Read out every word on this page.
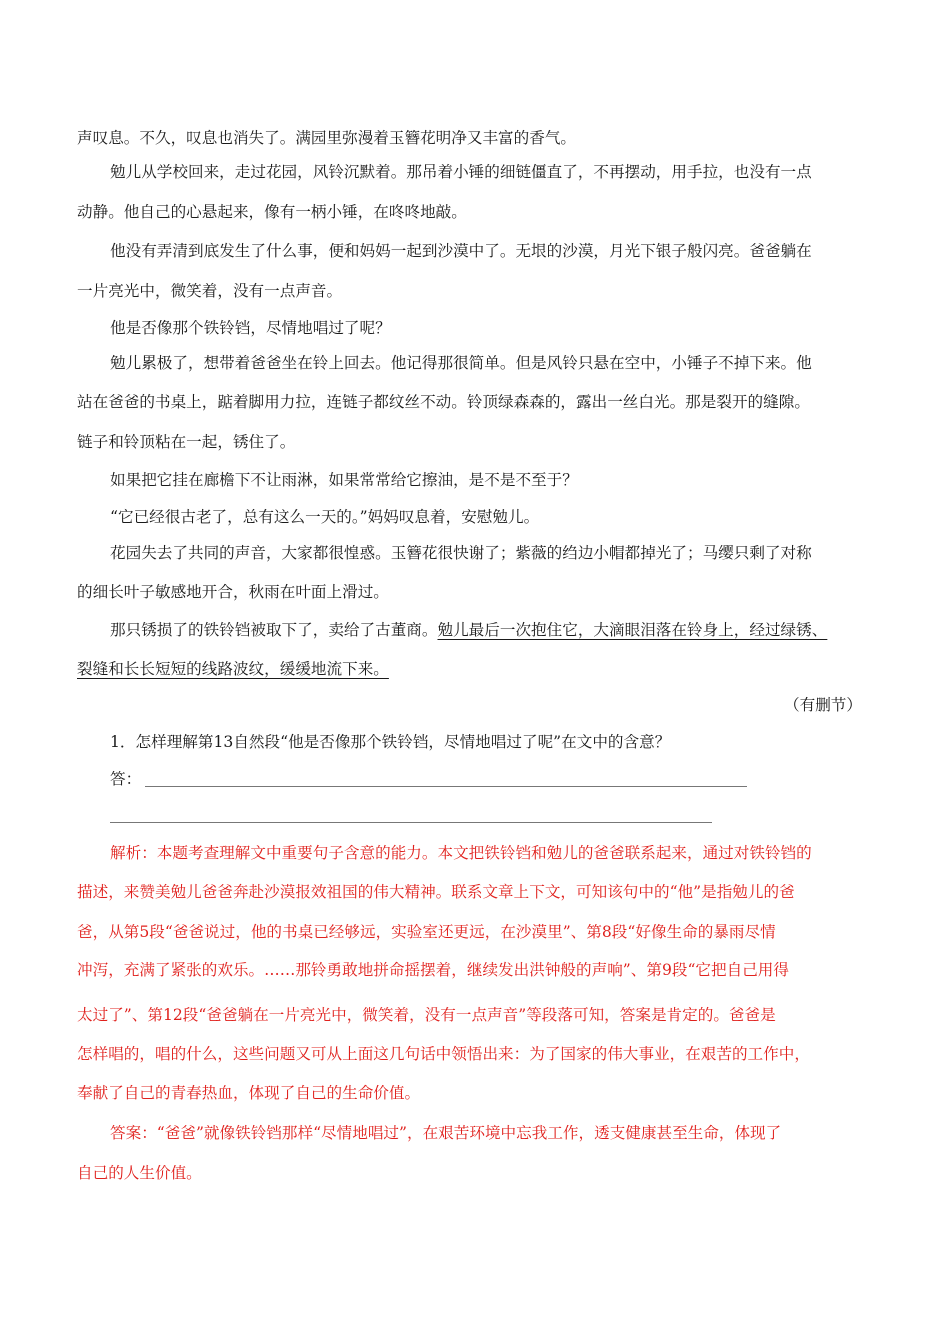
声叹息。不久，叹息也消失了。满园里弥漫着玉簪花明净又丰富的香气。
勉儿从学校回来，走过花园，风铃沉默着。那吊着小锤的细链僵直了，不再摆动，用手拉，也没有一点
动静。他自己的心悬起来，像有一柄小锤，在咚咚地敲。
他没有弄清到底发生了什么事，便和妈妈一起到沙漠中了。无垠的沙漠，月光下银子般闪亮。爸爸躺在
一片亮光中，微笑着，没有一点声音。
他是否像那个铁铃铛，尽情地唱过了呢？
勉儿累极了，想带着爸爸坐在铃上回去。他记得那很简单。但是风铃只悬在空中，小锤子不掉下来。他
站在爸爸的书桌上，踮着脚用力拉，连链子都纹丝不动。铃顶绿森森的，露出一丝白光。那是裂开的缝隙。
链子和铃顶粘在一起，锈住了。
如果把它挂在廊檐下不让雨淋，如果常常给它擦油，是不是不至于？
“它已经很古老了，总有这么一天的。”妈妈叹息着，安慰勉儿。
花园失去了共同的声音，大家都很惶惑。玉簪花很快谢了；紫薇的绉边小帽都掉光了；马缨只剩了对称
的细长叶子敏感地开合，秋雨在叶面上滑过。
那只锈损了的铁铃铛被取下了，卖给了古董商。勉儿最后一次抱住它，大滴眼泪落在铃身上，经过绿锈、
裂缝和长长短短的线路波纹，缓缓地流下来。
（有删节）
1．怎样理解第13自然段“他是否像那个铁铃铛，尽情地唱过了呢”在文中的含意？
答：
解析：本题考查理解文中重要句子含意的能力。本文把铁铃铛和勉儿的爸爸联系起来，通过对铁铃铛的
描述，来赞美勉儿爸爸奔赴沙漠报效祖国的伟大精神。联系文章上下文，可知该句中的“他”是指勉儿的爸
爸，从第5段“爸爸说过，他的书桌已经够远，实验室还更远，在沙漠里”、第8段“好像生命的暴雨尽情
冲泻，充满了紧张的欢乐。……那铃勇敢地拼命摇摆着，继续发出洪钟般的声响”、第9段“它把自己用得
太过了”、第12段“爸爸躺在一片亮光中，微笑着，没有一点声音”等段落可知，答案是肯定的。爸爸是
怎样唱的，唱的什么，这些问题又可从上面这几句话中领悟出来：为了国家的伟大事业，在艰苦的工作中，
奉献了自己的青春热血，体现了自己的生命价值。
答案：“爸爸”就像铁铃铛那样“尽情地唱过”，在艰苦环境中忘我工作，透支健康甚至生命，体现了
自己的人生价值。
